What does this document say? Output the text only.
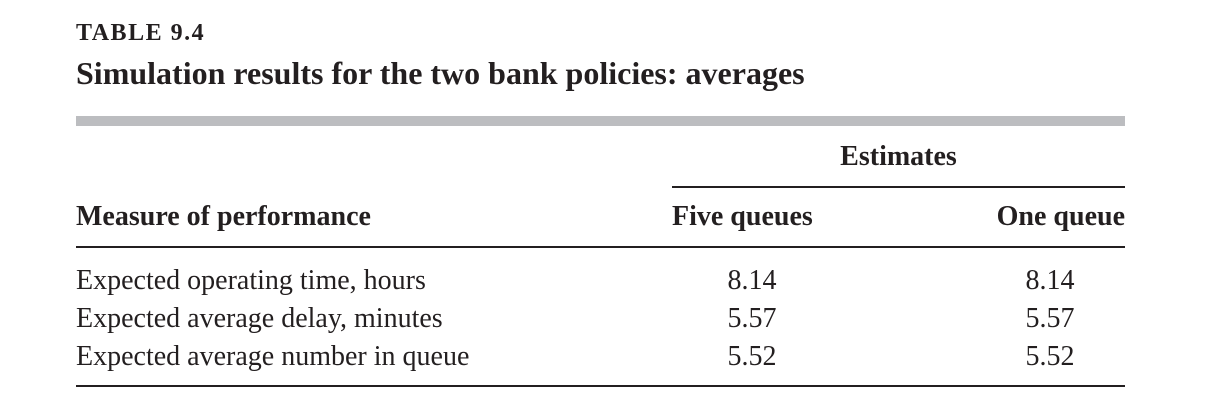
TABLE 9.4
Simulation results for the two bank policies: averages
Estimates
Measure of performance	Five queues	One queue
Expected operating time, hours	8.14	8.14
Expected average delay, minutes	5.57	5.57
Expected average number in queue	5.52	5.52
